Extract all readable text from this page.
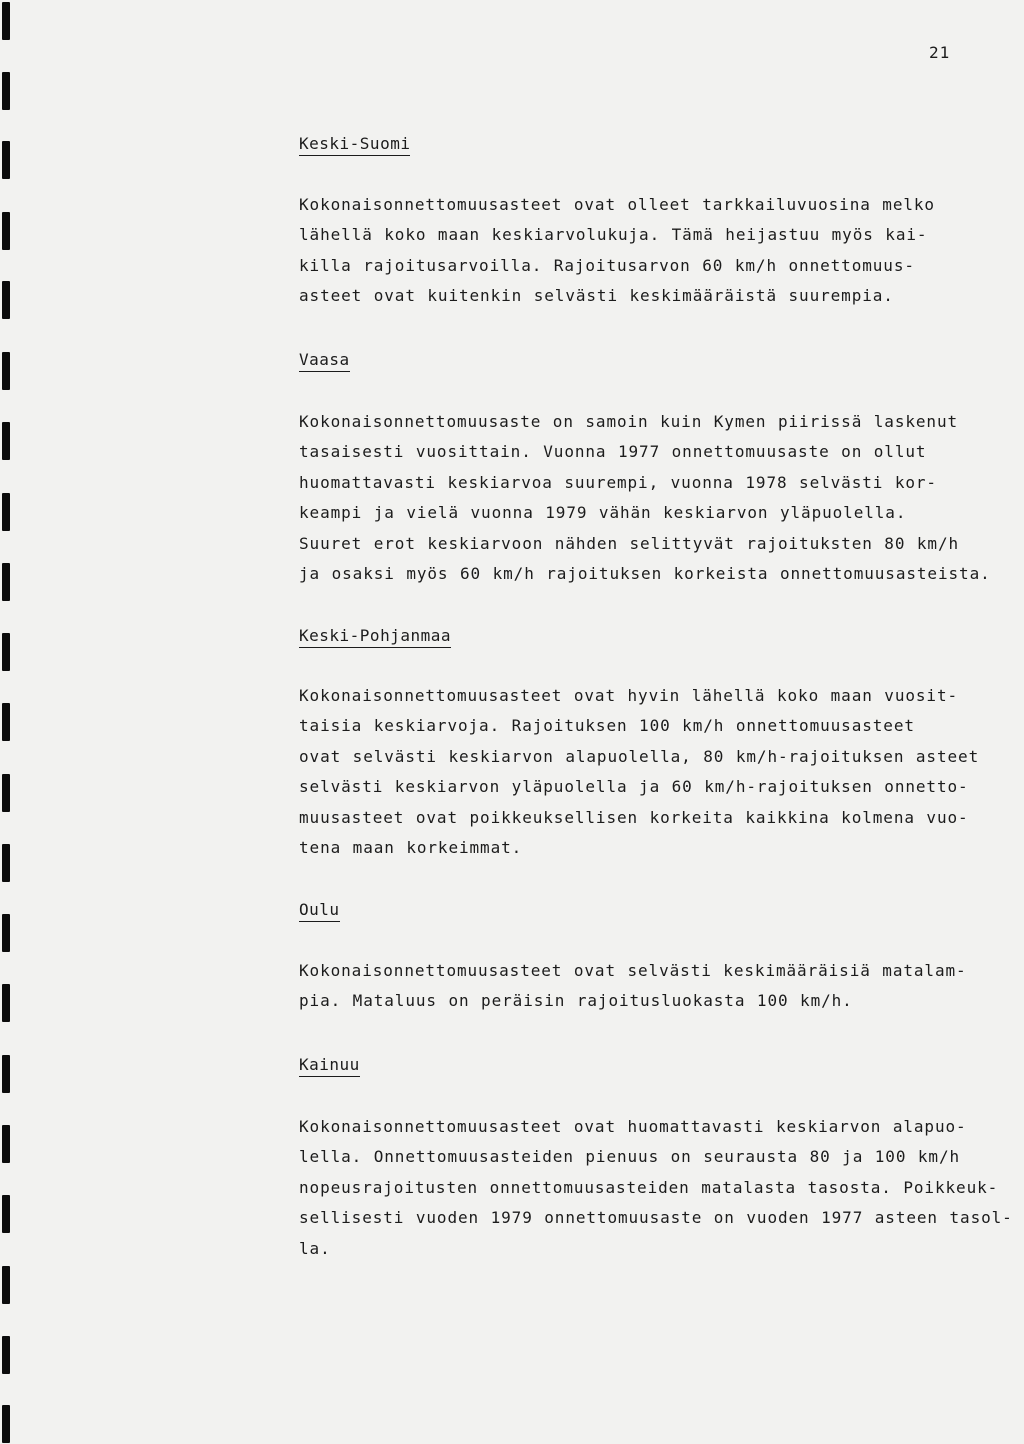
21
Keski-Suomi
Kokonaisonnettomuusasteet ovat olleet tarkkailuvuosina melko
lähellä koko maan keskiarvolukuja. Tämä heijastuu myös kai-
killa rajoitusarvoilla. Rajoitusarvon 60 km/h onnettomuus-
asteet ovat kuitenkin selvästi keskimääräistä suurempia.
Vaasa
Kokonaisonnettomuusaste on samoin kuin Kymen piirissä laskenut
tasaisesti vuosittain. Vuonna 1977 onnettomuusaste on ollut
huomattavasti keskiarvoa suurempi, vuonna 1978 selvästi kor-
keampi ja vielä vuonna 1979 vähän keskiarvon yläpuolella.
Suuret erot keskiarvoon nähden selittyvät rajoituksten 80 km/h
ja osaksi myös 60 km/h rajoituksen korkeista onnettomuusasteista.
Keski-Pohjanmaa
Kokonaisonnettomuusasteet ovat hyvin lähellä koko maan vuosit-
taisia keskiarvoja. Rajoituksen 100 km/h onnettomuusasteet
ovat selvästi keskiarvon alapuolella, 80 km/h-rajoituksen asteet
selvästi keskiarvon yläpuolella ja 60 km/h-rajoituksen onnetto-
muusasteet ovat poikkeuksellisen korkeita kaikkina kolmena vuo-
tena maan korkeimmat.
Oulu
Kokonaisonnettomuusasteet ovat selvästi keskimääräisiä matalam-
pia. Mataluus on peräisin rajoitusluokasta 100 km/h.
Kainuu
Kokonaisonnettomuusasteet ovat huomattavasti keskiarvon alapuo-
lella. Onnettomuusasteiden pienuus on seurausta 80 ja 100 km/h
nopeusrajoitusten onnettomuusasteiden matalasta tasosta. Poikkeuk-
sellisesti vuoden 1979 onnettomuusaste on vuoden 1977 asteen tasol-
la.
